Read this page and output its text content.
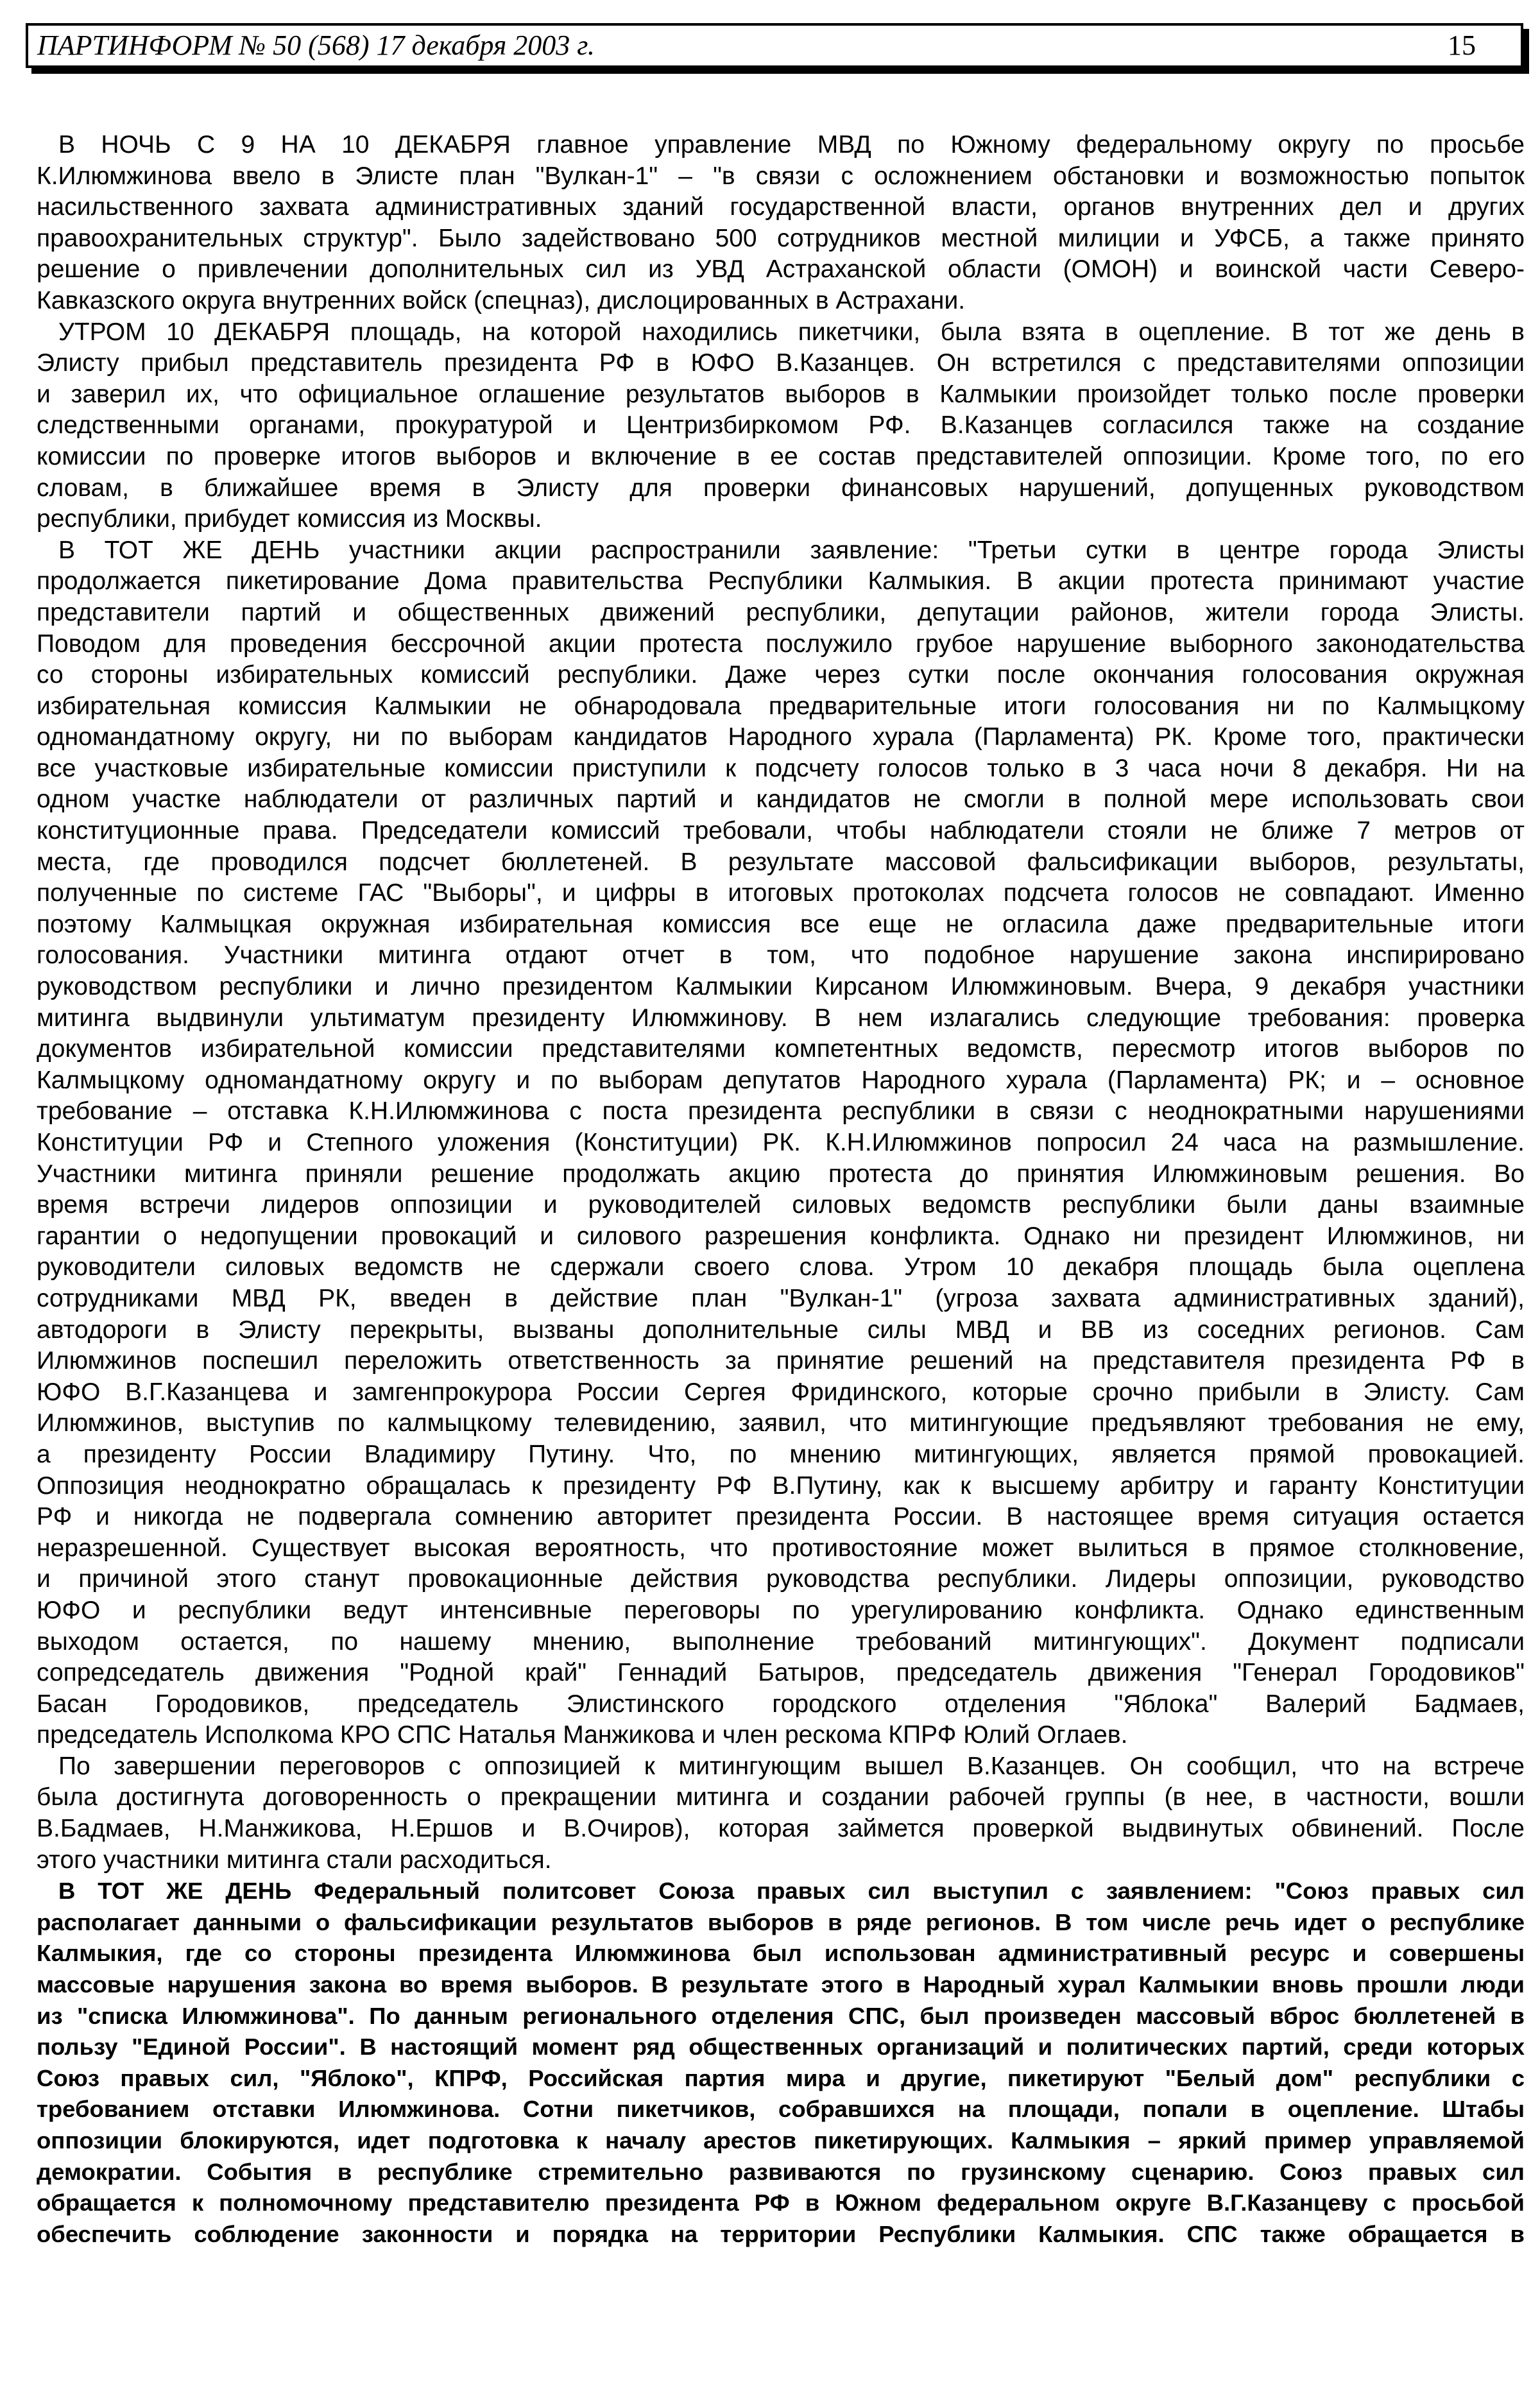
ПАРТИНФОРМ № 50 (568) 17 декабря 2003 г.	15
В НОЧЬ С 9 НА 10 ДЕКАБРЯ главное управление МВД по Южному федеральному округу по просьбе
К.Илюмжинова ввело в Элисте план "Вулкан-1" – "в связи с осложнением обстановки и возможностью попыток
насильственного захвата административных зданий государственной власти, органов внутренних дел и других
правоохранительных структур". Было задействовано 500 сотрудников местной милиции и УФСБ, а также принято
решение о привлечении дополнительных сил из УВД Астраханской области (ОМОН) и воинской части Северо-
Кавказского округа внутренних войск (спецназ), дислоцированных в Астрахани.
УТРОМ 10 ДЕКАБРЯ площадь, на которой находились пикетчики, была взята в оцепление. В тот же день в
Элисту прибыл представитель президента РФ в ЮФО В.Казанцев. Он встретился с представителями оппозиции
и заверил их, что официальное оглашение результатов выборов в Калмыкии произойдет только после проверки
следственными органами, прокуратурой и Центризбиркомом РФ. В.Казанцев согласился также на создание
комиссии по проверке итогов выборов и включение в ее состав представителей оппозиции. Кроме того, по его
словам, в ближайшее время в Элисту для проверки финансовых нарушений, допущенных руководством
республики, прибудет комиссия из Москвы.
В ТОТ ЖЕ ДЕНЬ участники акции распространили заявление: "Третьи сутки в центре города Элисты
продолжается пикетирование Дома правительства Республики Калмыкия. В акции протеста принимают участие
представители партий и общественных движений республики, депутации районов, жители города Элисты.
Поводом для проведения бессрочной акции протеста послужило грубое нарушение выборного законодательства
со стороны избирательных комиссий республики. Даже через сутки после окончания голосования окружная
избирательная комиссия Калмыкии не обнародовала предварительные итоги голосования ни по Калмыцкому
одномандатному округу, ни по выборам кандидатов Народного хурала (Парламента) РК. Кроме того, практически
все участковые избирательные комиссии приступили к подсчету голосов только в 3 часа ночи 8 декабря. Ни на
одном участке наблюдатели от различных партий и кандидатов не смогли в полной мере использовать свои
конституционные права. Председатели комиссий требовали, чтобы наблюдатели стояли не ближе 7 метров от
места, где проводился подсчет бюллетеней. В результате массовой фальсификации выборов, результаты,
полученные по системе ГАС "Выборы", и цифры в итоговых протоколах подсчета голосов не совпадают. Именно
поэтому Калмыцкая окружная избирательная комиссия все еще не огласила даже предварительные итоги
голосования. Участники митинга отдают отчет в том, что подобное нарушение закона инспирировано
руководством республики и лично президентом Калмыкии Кирсаном Илюмжиновым. Вчера, 9 декабря участники
митинга выдвинули ультиматум президенту Илюмжинову. В нем излагались следующие требования: проверка
документов избирательной комиссии представителями компетентных ведомств, пересмотр итогов выборов по
Калмыцкому одномандатному округу и по выборам депутатов Народного хурала (Парламента) РК; и – основное
требование – отставка К.Н.Илюмжинова с поста президента республики в связи с неоднократными нарушениями
Конституции РФ и Степного уложения (Конституции) РК. К.Н.Илюмжинов попросил 24 часа на размышление.
Участники митинга приняли решение продолжать акцию протеста до принятия Илюмжиновым решения. Во
время встречи лидеров оппозиции и руководителей силовых ведомств республики были даны взаимные
гарантии о недопущении провокаций и силового разрешения конфликта. Однако ни президент Илюмжинов, ни
руководители силовых ведомств не сдержали своего слова. Утром 10 декабря площадь была оцеплена
сотрудниками МВД РК, введен в действие план "Вулкан-1" (угроза захвата административных зданий),
автодороги в Элисту перекрыты, вызваны дополнительные силы МВД и ВВ из соседних регионов. Сам
Илюмжинов поспешил переложить ответственность за принятие решений на представителя президента РФ в
ЮФО В.Г.Казанцева и замгенпрокурора России Сергея Фридинского, которые срочно прибыли в Элисту. Сам
Илюмжинов, выступив по калмыцкому телевидению, заявил, что митингующие предъявляют требования не ему,
а президенту России Владимиру Путину. Что, по мнению митингующих, является прямой провокацией.
Оппозиция неоднократно обращалась к президенту РФ В.Путину, как к высшему арбитру и гаранту Конституции
РФ и никогда не подвергала сомнению авторитет президента России. В настоящее время ситуация остается
неразрешенной. Существует высокая вероятность, что противостояние может вылиться в прямое столкновение,
и причиной этого станут провокационные действия руководства республики. Лидеры оппозиции, руководство
ЮФО и республики ведут интенсивные переговоры по урегулированию конфликта. Однако единственным
выходом остается, по нашему мнению, выполнение требований митингующих". Документ подписали
сопредседатель движения "Родной край" Геннадий Батыров, председатель движения "Генерал Городовиков"
Басан Городовиков, председатель Элистинского городского отделения "Яблока" Валерий Бадмаев,
председатель Исполкома КРО СПС Наталья Манжикова и член рескома КПРФ Юлий Оглаев.
По завершении переговоров с оппозицией к митингующим вышел В.Казанцев. Он сообщил, что на встрече
была достигнута договоренность о прекращении митинга и создании рабочей группы (в нее, в частности, вошли
В.Бадмаев, Н.Манжикова, Н.Ершов и В.Очиров), которая займется проверкой выдвинутых обвинений. После
этого участники митинга стали расходиться.
В ТОТ ЖЕ ДЕНЬ Федеральный политсовет Союза правых сил выступил с заявлением: "Союз правых сил
располагает данными о фальсификации результатов выборов в ряде регионов. В том числе речь идет о республике
Калмыкия, где со стороны президента Илюмжинова был использован административный ресурс и совершены
массовые нарушения закона во время выборов. В результате этого в Народный хурал Калмыкии вновь прошли люди
из "списка Илюмжинова". По данным регионального отделения СПС, был произведен массовый вброс бюллетеней в
пользу "Единой России". В настоящий момент ряд общественных организаций и политических партий, среди которых
Союз правых сил, "Яблоко", КПРФ, Российская партия мира и другие, пикетируют "Белый дом" республики с
требованием отставки Илюмжинова. Сотни пикетчиков, собравшихся на площади, попали в оцепление. Штабы
оппозиции блокируются, идет подготовка к началу арестов пикетирующих. Калмыкия – яркий пример управляемой
демократии. События в республике стремительно развиваются по грузинскому сценарию. Союз правых сил
обращается к полномочному представителю президента РФ в Южном федеральном округе В.Г.Казанцеву с просьбой
обеспечить соблюдение законности и порядка на территории Республики Калмыкия. СПС также обращается в
